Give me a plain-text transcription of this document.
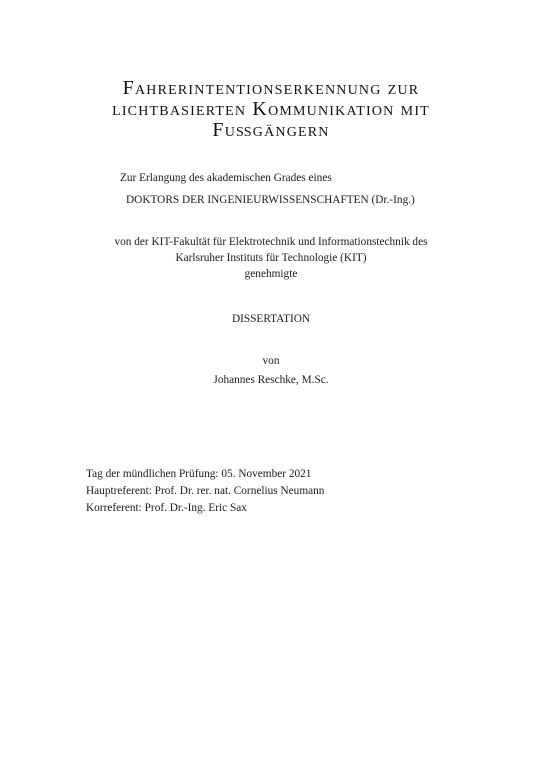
Fahrerintentionserkennung zur
lichtbasierten Kommunikation mit
Fußgängern
Zur Erlangung des akademischen Grades eines
DOKTORS DER INGENIEURWISSENSCHAFTEN (Dr.-Ing.)
von der KIT-Fakultät für Elektrotechnik und Informationstechnik des
Karlsruher Instituts für Technologie (KIT)
genehmigte
DISSERTATION
von
Johannes Reschke, M.Sc.
Tag der mündlichen Prüfung: 05. November 2021
Hauptreferent: Prof. Dr. rer. nat. Cornelius Neumann
Korreferent: Prof. Dr.-Ing. Eric Sax
